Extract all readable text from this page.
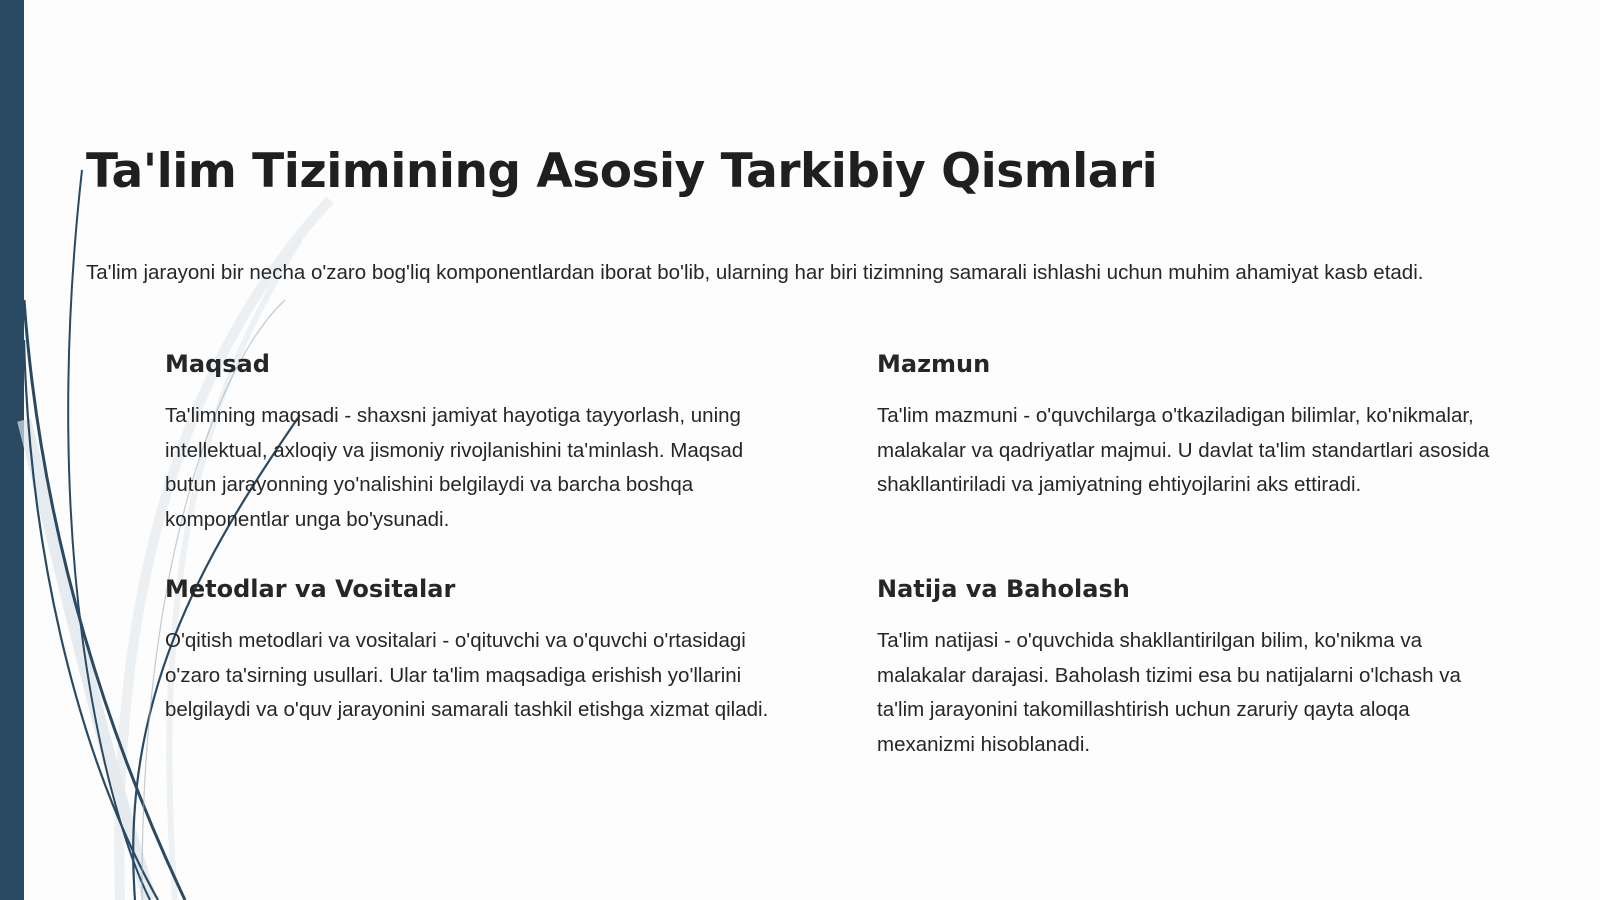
Ta'lim Tizimining Asosiy Tarkibiy Qismlari

Ta'lim jarayoni bir necha o'zaro bog'liq komponentlardan iborat bo'lib, ularning har biri tizimning samarali ishlashi uchun muhim ahamiyat kasb etadi.

Maqsad

Ta'limning maqsadi - shaxsni jamiyat hayotiga tayyorlash, uning intellektual, axloqiy va jismoniy rivojlanishini ta'minlash. Maqsad butun jarayonning yo'nalishini belgilaydi va barcha boshqa komponentlar unga bo'ysunadi.

Mazmun

Ta'lim mazmuni - o'quvchilarga o'tkaziladigan bilimlar, ko'nikmalar, malakalar va qadriyatlar majmui. U davlat ta'lim standartlari asosida shakllantiriladi va jamiyatning ehtiyojlarini aks ettiradi.

Metodlar va Vositalar

O'qitish metodlari va vositalari - o'qituvchi va o'quvchi o'rtasidagi o'zaro ta'sirning usullari. Ular ta'lim maqsadiga erishish yo'llarini belgilaydi va o'quv jarayonini samarali tashkil etishga xizmat qiladi.

Natija va Baholash

Ta'lim natijasi - o'quvchida shakllantirilgan bilim, ko'nikma va malakalar darajasi. Baholash tizimi esa bu natijalarni o'lchash va ta'lim jarayonini takomillashtirish uchun zaruriy qayta aloqa mexanizmi hisoblanadi.
